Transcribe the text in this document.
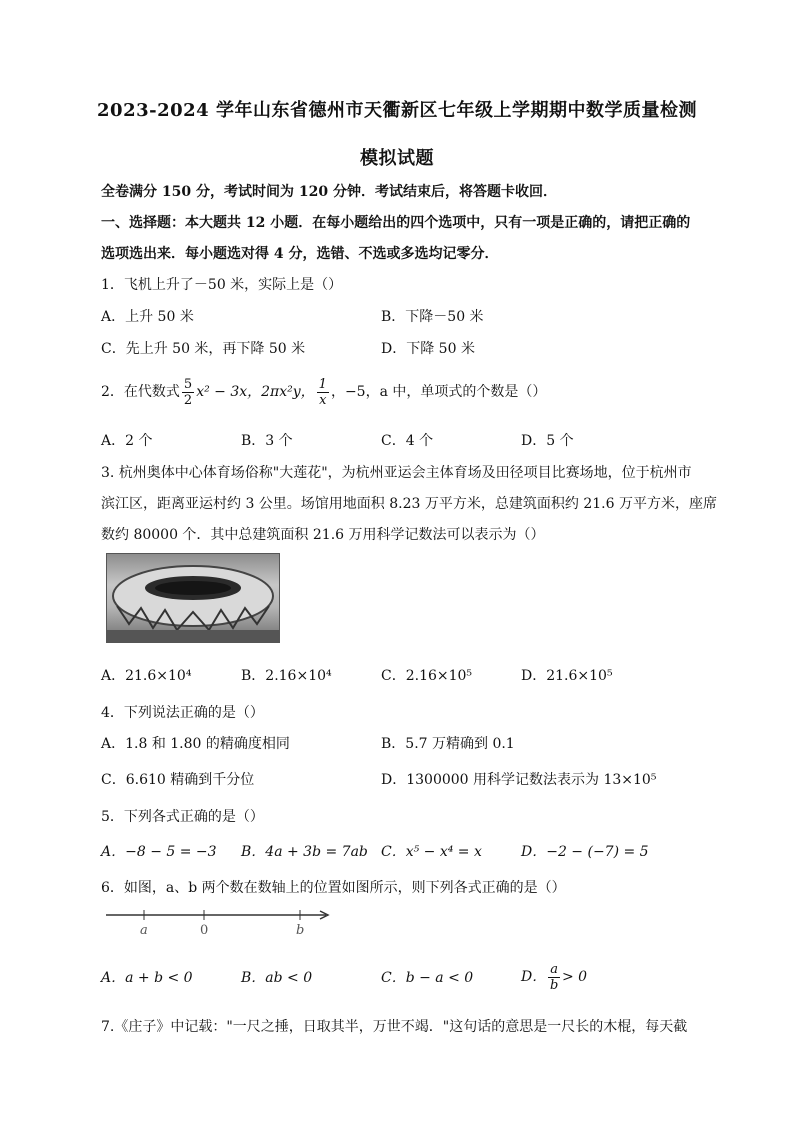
2023-2024 学年山东省德州市天衢新区七年级上学期期中数学质量检测
模拟试题
全卷满分 150 分，考试时间为 120 分钟．考试结束后，将答题卡收回．
一、选择题：本大题共 12 小题．在每小题给出的四个选项中，只有一项是正确的，请把正确的
选项选出来．每小题选对得 4 分，选错、不选或多选均记零分．
1．飞机上升了－50 米，实际上是（）
A．上升 50 米	B．下降－50 米
C．先上升 50 米，再下降 50 米	D．下降 50 米
2．在代数式 $\frac{5}{2} x^2 - 3x$，2πx²y， $\frac{1}{x}$ ，−5，a 中，单项式的个数是（）
A．2 个	B．3 个	C．4 个	D．5 个
3. 杭州奥体中心体育场俗称"大莲花"，为杭州亚运会主体育场及田径项目比赛场地，位于杭州市
滨江区，距离亚运村约 3 公里。场馆用地面积 8.23 万平方米，总建筑面积约 21.6 万平方米，座席
数约 80000 个．其中总建筑面积 21.6 万用科学记数法可以表示为（）
A．21.6×10⁴	B．2.16×10⁴	C．2.16×10⁵	D．21.6×10⁵
4．下列说法正确的是（）
A．1.8 和 1.80 的精确度相同	B．5.7 万精确到 0.1
C．6.610 精确到千分位	D．1300000 用科学记数法表示为 13×10⁵
5．下列各式正确的是（）
A．−8 − 5 = −3 B．4a + 3b = 7ab C．x⁵ − x⁴ = x	D．−2 − (−7) = 5
6．如图，a、b 两个数在数轴上的位置如图所示，则下列各式正确的是（）
a	0	b
A．a + b < 0	B．ab < 0	C．b − a < 0	D． $\frac{a}{b} > 0$
7.《庄子》中记载："一尺之捶，日取其半，万世不竭．"这句话的意思是一尺长的木棍，每天截
